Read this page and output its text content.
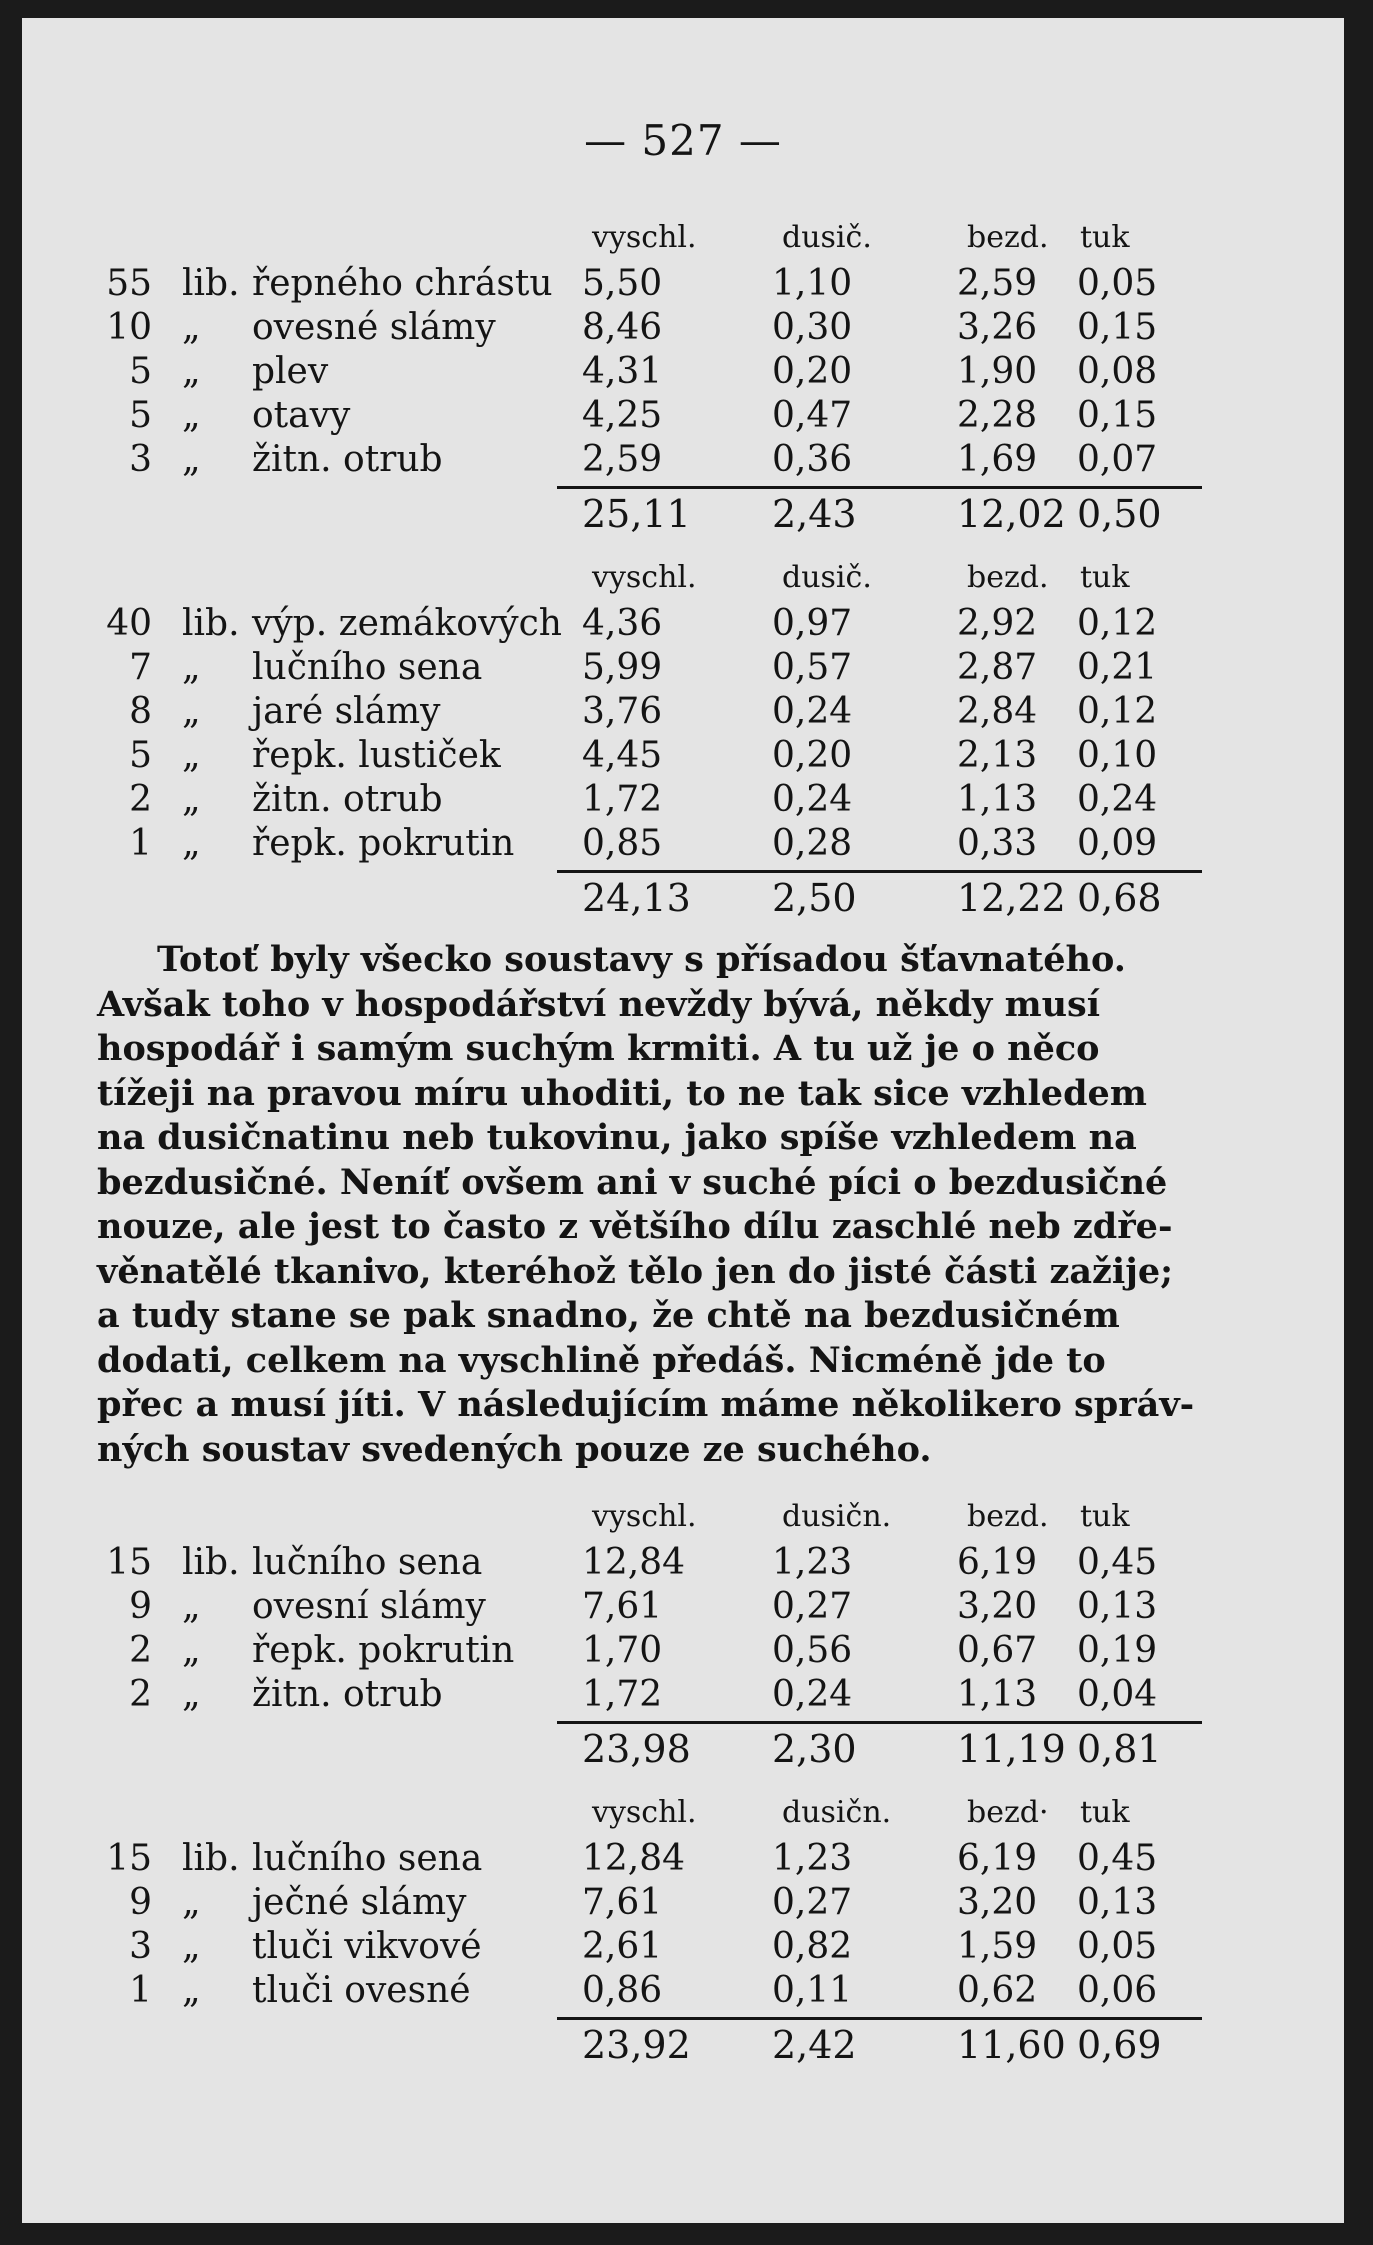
— 527 —
vyschl.	dusič.	bezd. tuk
55 lib. řepného chrástu 5,50	1,10	2,59 0,05
10 „ ovesné slámy 8,46	0,30	3,26 0,15
5 „ plev	4,31	0,20	1,90 0,08
5 „ otavy	4,25	0,47	2,28 0,15
3 „ žitn. otrub	2,59	0,36	1,69 0,07
25,11 2,43	12,02 0,50
vyschl.	dusič.	bezd. tuk
40 lib. výp. zemákových 4,36	0,97	2,92 0,12
7 „ lučního sena	5,99	0,57	2,87 0,21
8 „ jaré slámy	3,76	0,24	2,84 0,12
5 „ řepk. lustiček 4,45	0,20	2,13 0,10
2 „ žitn. otrub	1,72	0,24	1,13 0,24
1 „ řepk. pokrutin 0,85	0,28	0,33 0,09
24,13 2,50	12,22 0,68
vyschl.	dusičn.	bezd. tuk
15 lib. lučního sena	12,84 1,23	6,19 0,45
9 „ ovesní slámy	7,61	0,27	3,20 0,13
2 „ řepk. pokrutin 1,70	0,56	0,67 0,19
2 „ žitn. otrub	1,72	0,24	1,13 0,04
23,98 2,30	11,19 0,81
vyschl.	dusičn.	bezd· tuk
15 lib. lučního sena	12,84 1,23	6,19 0,45
9 „ ječné slámy	7,61	0,27	3,20 0,13
3 „ tluči vikvové	2,61	0,82	1,59 0,05
1 „ tluči ovesné	0,86	0,11	0,62 0,06
23,92 2,42	11,60 0,69
Totoť byly všecko soustavy s přísadou šťavnatého.
Avšak toho v hospodářství nevždy bývá, někdy musí
hospodář i samým suchým krmiti. A tu už je o něco
tížeji na pravou míru uhoditi, to ne tak sice vzhledem
na dusičnatinu neb tukovinu, jako spíše vzhledem na
bezdusičné. Neníť ovšem ani v suché píci o bezdusičné
nouze, ale jest to často z většího dílu zaschlé neb zdře-
věnatělé tkanivo, kteréhož tělo jen do jisté části zažije;
a tudy stane se pak snadno, že chtě na bezdusičném
dodati, celkem na vyschlině předáš. Nicméně jde to
přec a musí jíti. V následujícím máme několikero správ-
ných soustav svedených pouze ze suchého.
